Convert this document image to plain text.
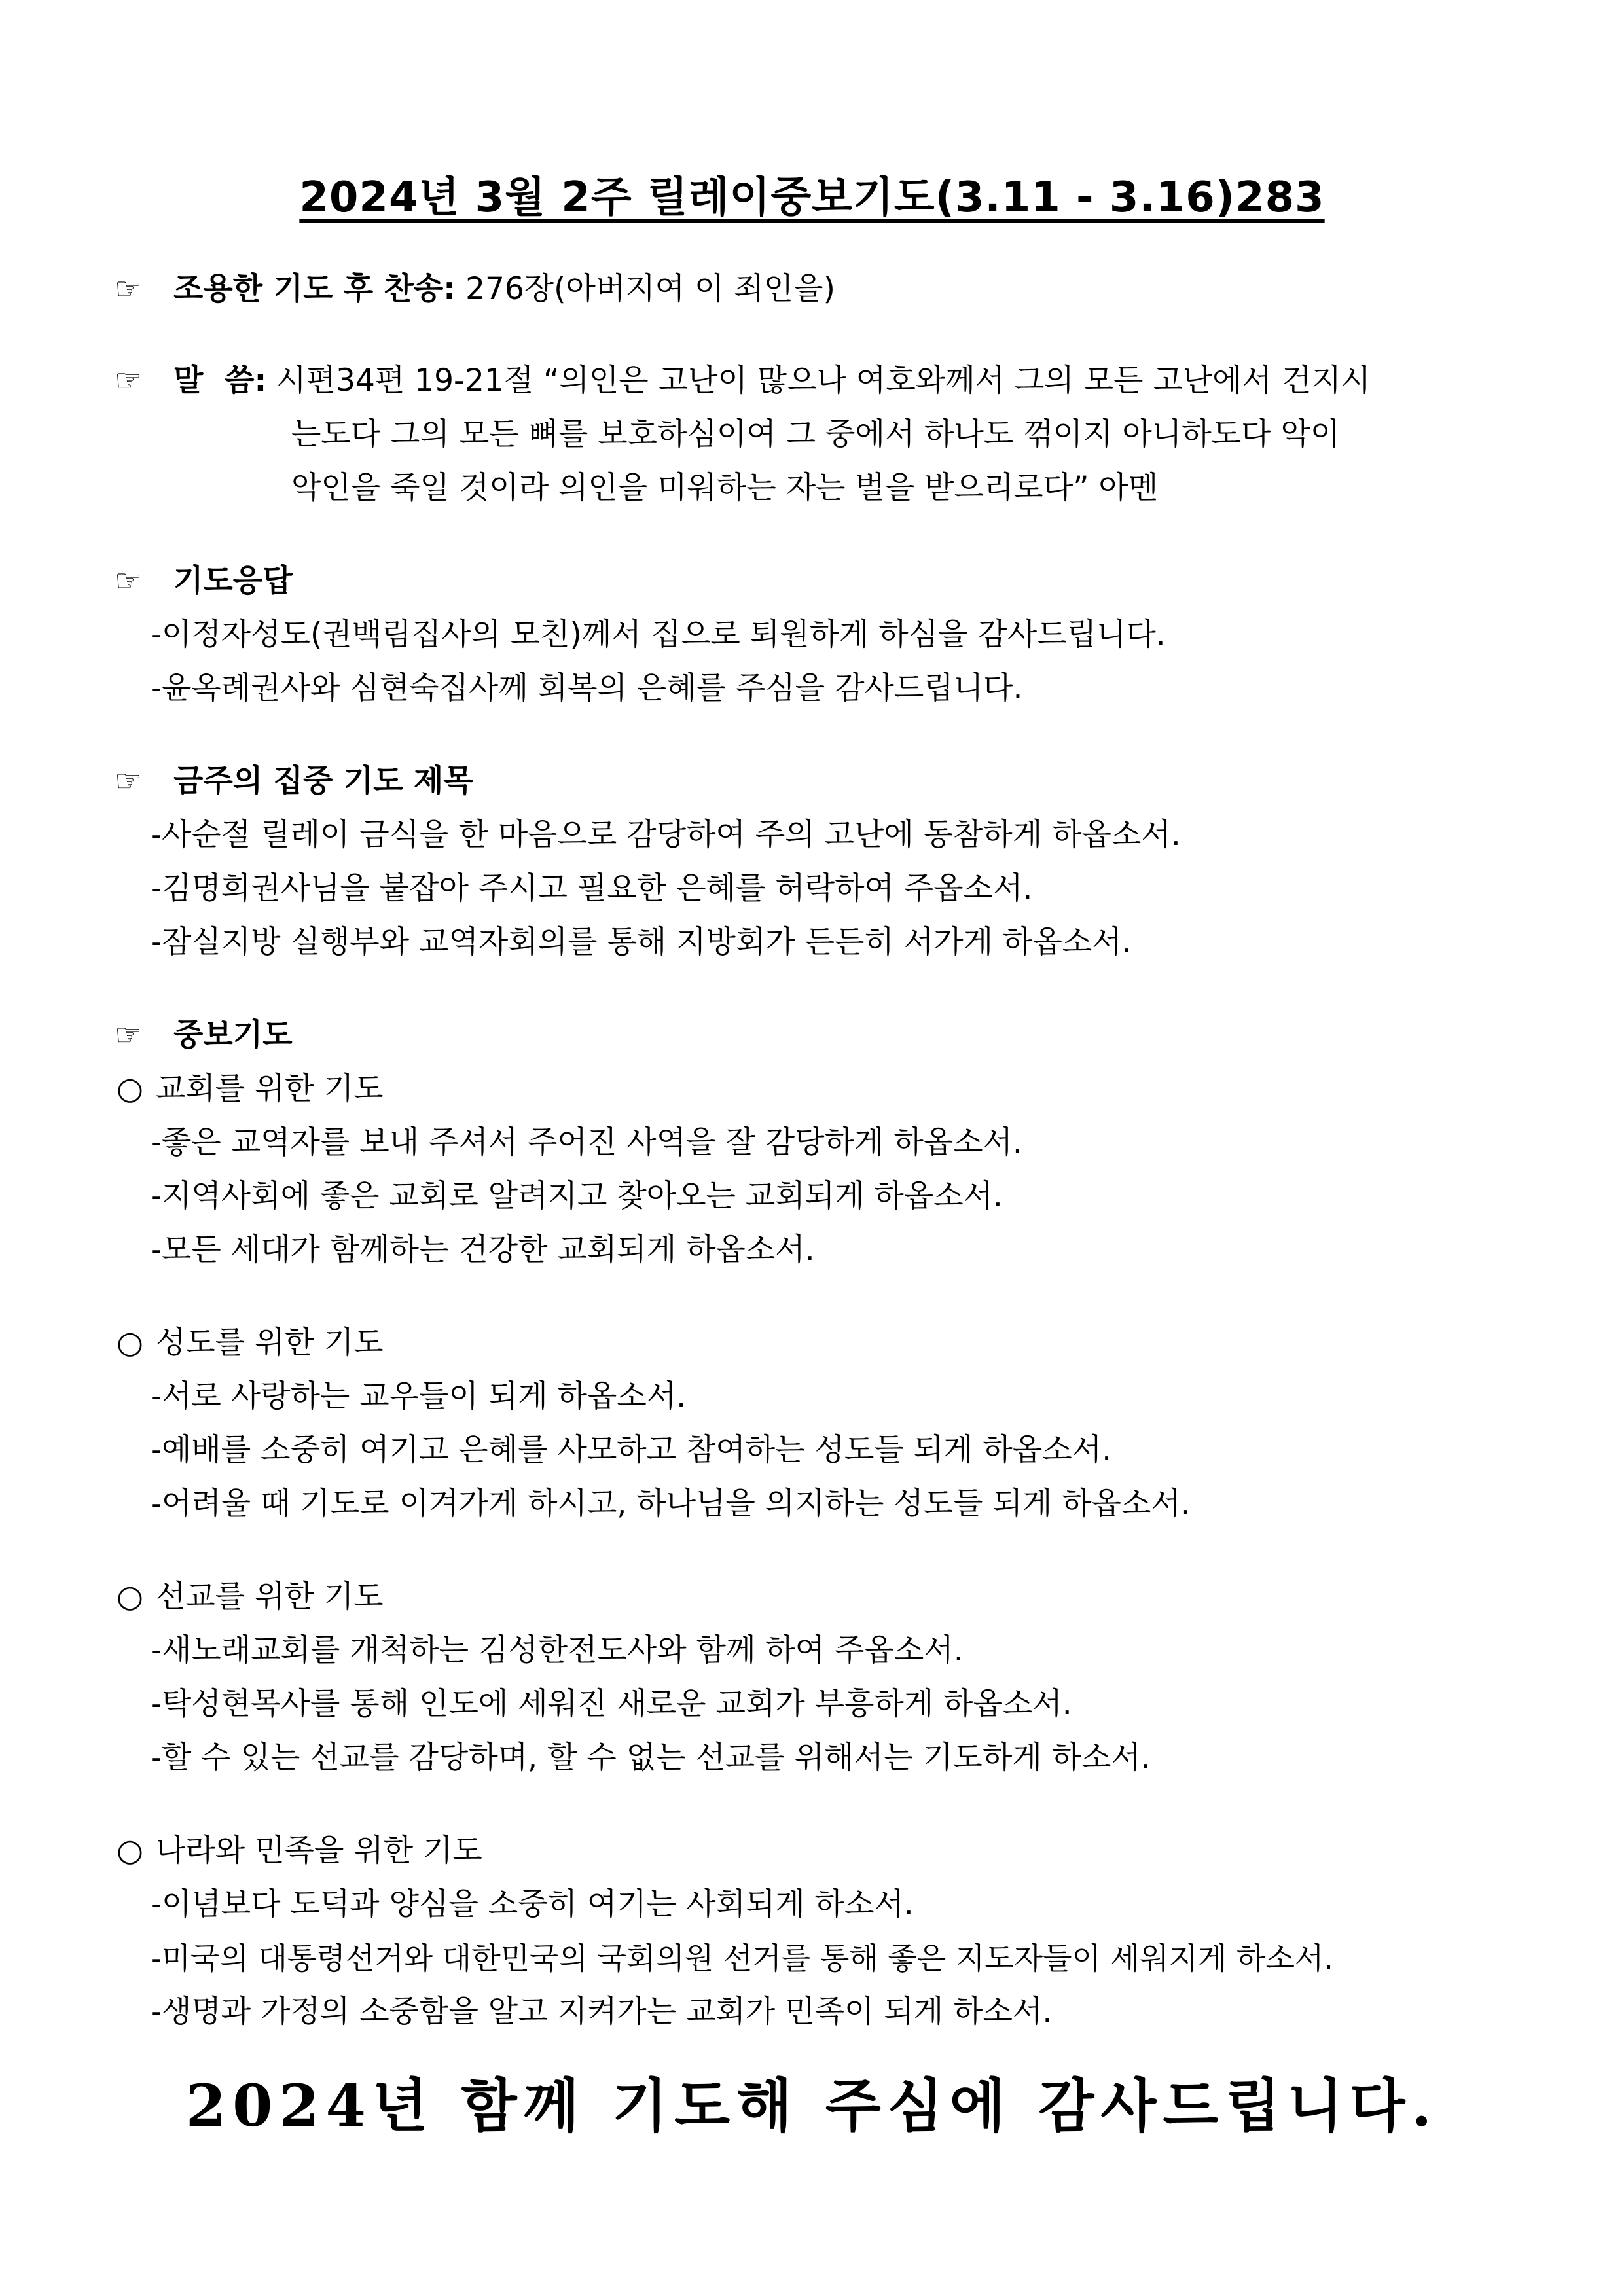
2024년 3월 2주 릴레이중보기도(3.11 - 3.16)283
☞ 조용한 기도 후 찬송: 276장(아버지여 이 죄인을)
☞ 말  씀: 시편34편 19-21절 “의인은 고난이 많으나 여호와께서 그의 모든 고난에서 건지시
는도다 그의 모든 뼈를 보호하심이여 그 중에서 하나도 꺾이지 아니하도다 악이
악인을 죽일 것이라 의인을 미워하는 자는 벌을 받으리로다” 아멘
☞ 기도응답
-이정자성도(권백림집사의 모친)께서 집으로 퇴원하게 하심을 감사드립니다.
-윤옥례권사와 심현숙집사께 회복의 은혜를 주심을 감사드립니다.
☞ 금주의 집중 기도 제목
-사순절 릴레이 금식을 한 마음으로 감당하여 주의 고난에 동참하게 하옵소서.
-김명희권사님을 붙잡아 주시고 필요한 은혜를 허락하여 주옵소서.
-잠실지방 실행부와 교역자회의를 통해 지방회가 든든히 서가게 하옵소서.
☞ 중보기도
○ 교회를 위한 기도
-좋은 교역자를 보내 주셔서 주어진 사역을 잘 감당하게 하옵소서.
-지역사회에 좋은 교회로 알려지고 찾아오는 교회되게 하옵소서.
-모든 세대가 함께하는 건강한 교회되게 하옵소서.
○ 성도를 위한 기도
-서로 사랑하는 교우들이 되게 하옵소서.
-예배를 소중히 여기고 은혜를 사모하고 참여하는 성도들 되게 하옵소서.
-어려울 때 기도로 이겨가게 하시고, 하나님을 의지하는 성도들 되게 하옵소서.
○ 선교를 위한 기도
-새노래교회를 개척하는 김성한전도사와 함께 하여 주옵소서.
-탁성현목사를 통해 인도에 세워진 새로운 교회가 부흥하게 하옵소서.
-할 수 있는 선교를 감당하며, 할 수 없는 선교를 위해서는 기도하게 하소서.
○ 나라와 민족을 위한 기도
-이념보다 도덕과 양심을 소중히 여기는 사회되게 하소서.
-미국의 대통령선거와 대한민국의 국회의원 선거를 통해 좋은 지도자들이 세워지게 하소서.
-생명과 가정의 소중함을 알고 지켜가는 교회가 민족이 되게 하소서.
2024년 함께 기도해 주심에 감사드립니다.
